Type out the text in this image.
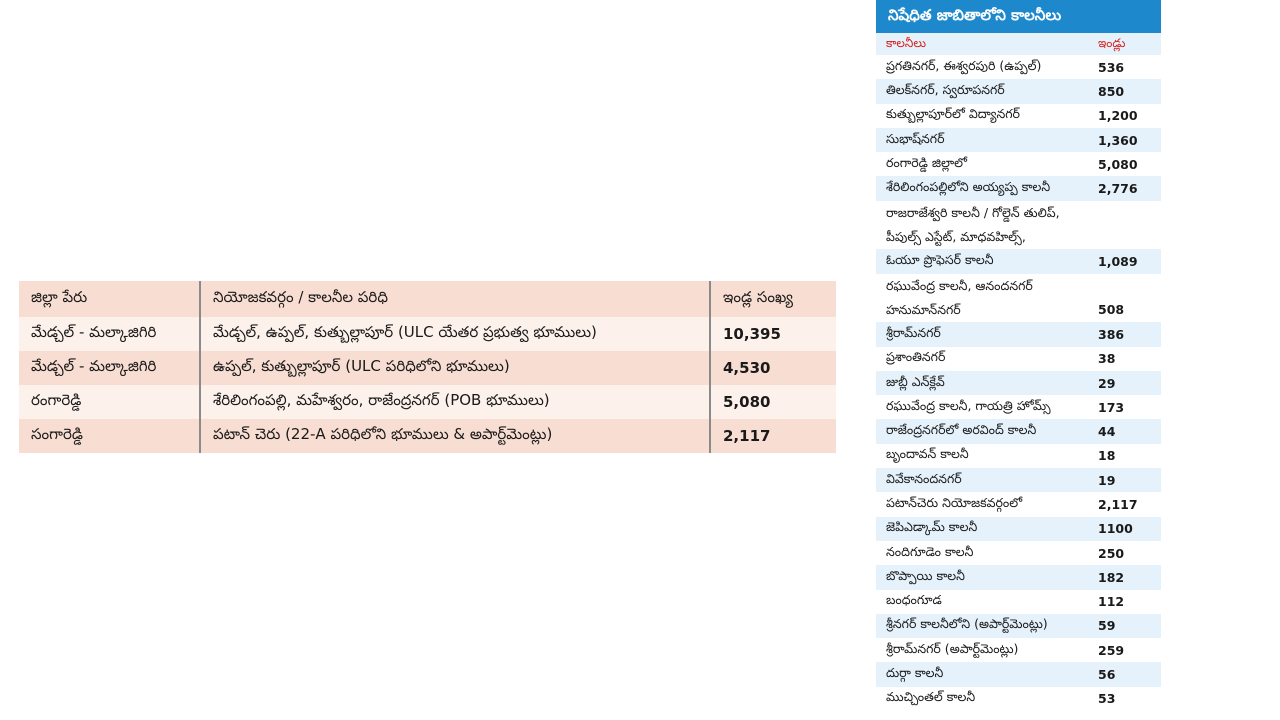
జిల్లా పేరు	నియోజకవర్గం / కాలనీల పరిధి	ఇండ్ల సంఖ్య
మేడ్చల్ - మల్కాజిగిరి	మేడ్చల్, ఉప్పల్, కుత్బుల్లాపూర్ (ULC యేతర ప్రభుత్వ భూములు)	10,395
మేడ్చల్ - మల్కాజిగిరి	ఉప్పల్, కుత్బుల్లాపూర్ (ULC పరిధిలోని భూములు)	4,530
రంగారెడ్డి	శేరిలింగంపల్లి, మహేశ్వరం, రాజేంద్రనగర్ (POB భూములు)	5,080
సంగారెడ్డి	పటాన్ చెరు (22-A పరిధిలోని భూములు & అపార్ట్‌మెంట్లు)	2,117
నిషేధిత జాబితాలోని కాలనీలు
కాలనీలు	ఇండ్లు
ప్రగతినగర్, ఈశ్వరపురి (ఉప్పల్)	536
తిలక్‌నగర్, స్వరూపనగర్	850
కుత్బుల్లాపూర్‌లో విద్యానగర్	1,200
సుభాష్‌నగర్	1,360
రంగారెడ్డి జిల్లాలో	5,080
శేరిలింగంపల్లిలోని అయ్యప్ప కాలనీ	2,776
రాజరాజేశ్వరి కాలనీ / గోల్డెన్ తులిప్, పీపుల్స్ ఎస్టేట్, మాధవహిల్స్,
ఓయూ ప్రొఫెసర్ కాలనీ	1,089
రఘువేంద్ర కాలనీ, ఆనందనగర్ హనుమాన్‌నగర్	508
శ్రీరామ్‌నగర్	386
ప్రశాంతినగర్	38
జుబ్లీ ఎన్‌క్లేవ్	29
రఘువేంద్ర కాలనీ, గాయత్రి హోమ్స్	173
రాజేంద్రనగర్‌లో అరవింద్ కాలనీ	44
బృందావన్ కాలనీ	18
వివేకానందనగర్	19
పటాన్‌చెరు నియోజకవర్గంలో	2,117
జెపిఎడ్కామ్ కాలనీ	1100
నందిగూడెం కాలనీ	250
బొప్పాయి కాలనీ	182
బంధంగూడ	112
శ్రీనగర్ కాలనీలోని (అపార్ట్‌మెంట్లు)	59
శ్రీరామ్‌నగర్ (అపార్ట్‌మెంట్లు)	259
దుర్గా కాలనీ	56
ముచ్చింతల్ కాలనీ	53
